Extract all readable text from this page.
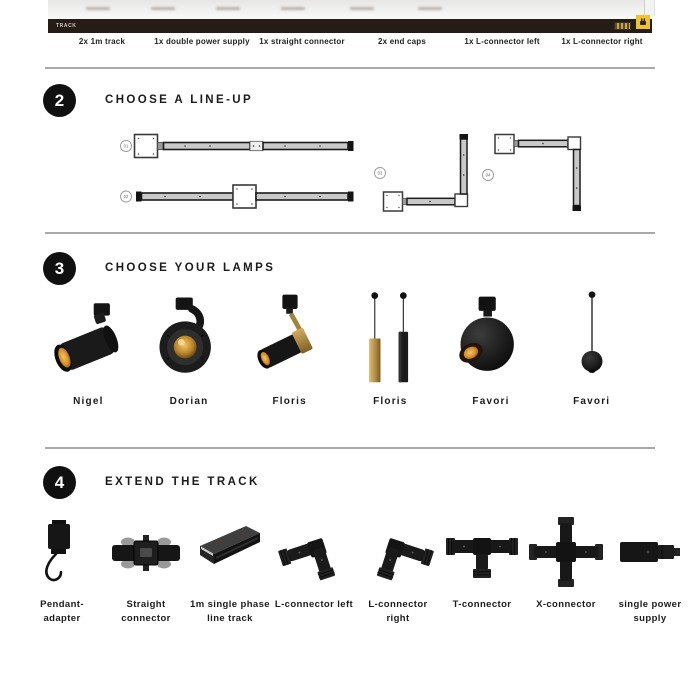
TRACK
2x 1m track	1x double power supply	1x straight connector	2x end caps	1x L-connector left	1x L-connector right
2	CHOOSE A LINE-UP
01
02
03	04
3	CHOOSE YOUR LAMPS
Nigel	Dorian	Floris	Floris	Favori	Favori
4	EXTEND THE TRACK
Pendant-adapter
Straight connector
1m single phase line track
L-connector left	L-connector right
T-connector	X-connector	single power supply
